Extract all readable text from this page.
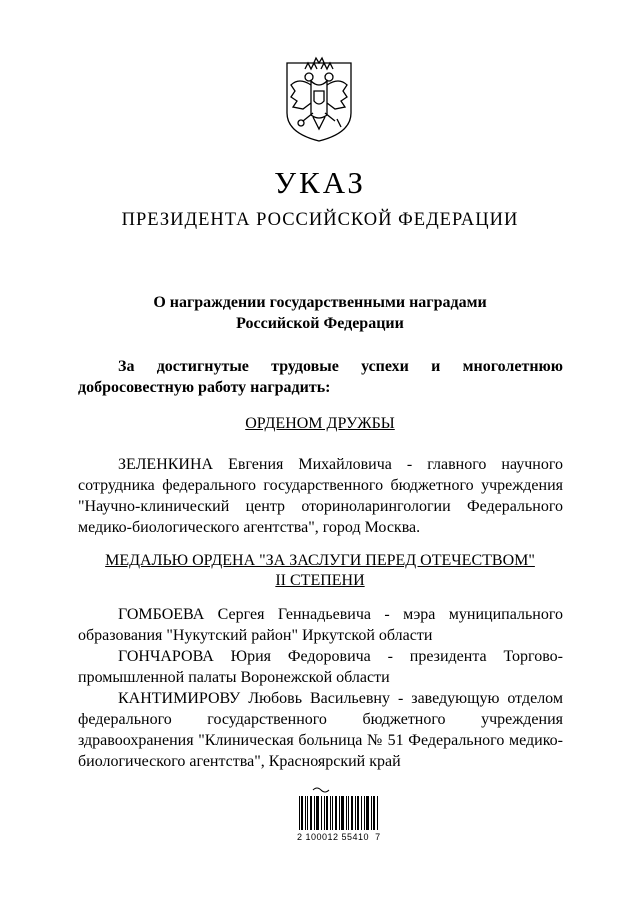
УКАЗ
ПРЕЗИДЕНТА РОССИЙСКОЙ ФЕДЕРАЦИИ
О награждении государственными наградами
Российской Федерации
За достигнутые трудовые успехи и многолетнюю добросовестную работу наградить:
ОРДЕНОМ ДРУЖБЫ
ЗЕЛЕНКИНА Евгения Михайловича - главного научного сотрудника федерального государственного бюджетного учреждения "Научно-клинический центр оториноларингологии Федерального медико-биологического агентства", город Москва.
МЕДАЛЬЮ ОРДЕНА "ЗА ЗАСЛУГИ ПЕРЕД ОТЕЧЕСТВОМ"
II СТЕПЕНИ
ГОМБОЕВА Сергея Геннадьевича - мэра муниципального образования "Нукутский район" Иркутской области
ГОНЧАРОВА Юрия Федоровича - президента Торгово-промышленной палаты Воронежской области
КАНТИМИРОВУ Любовь Васильевну - заведующую отделом федерального государственного бюджетного учреждения здравоохранения "Клиническая больница № 51 Федерального медико-биологического агентства", Красноярский край
2 100012 55410  7
